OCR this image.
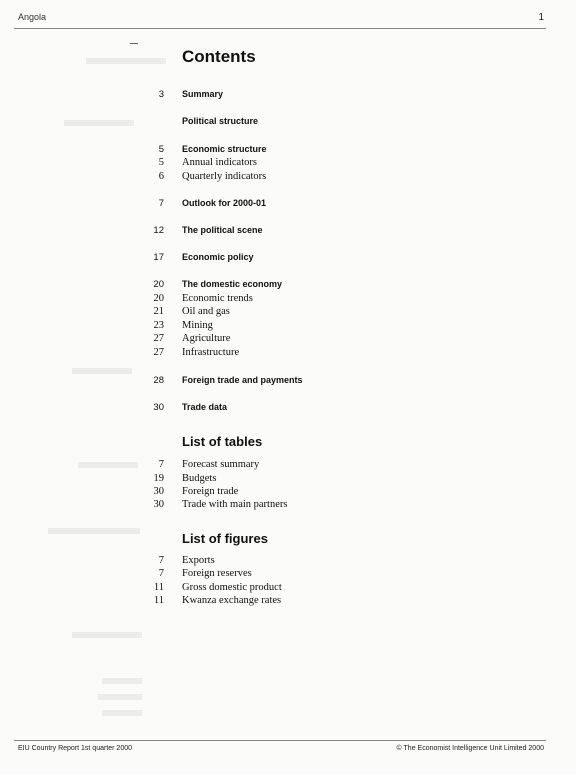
Angola	1
Contents
3 Summary
Political structure
5 Economic structure
5 Annual indicators
6 Quarterly indicators
7 Outlook for 2000-01
12 The political scene
17 Economic policy
20 The domestic economy
20 Economic trends
21 Oil and gas
23 Mining
27 Agriculture
27 Infrastructure
28 Foreign trade and payments
30 Trade data
List of tables
7 Forecast summary
19 Budgets
30 Foreign trade
30 Trade with main partners
List of figures
7 Exports
7 Foreign reserves
11 Gross domestic product
11 Kwanza exchange rates
EIU Country Report 1st quarter 2000	© The Economist Intelligence Unit Limited 2000
